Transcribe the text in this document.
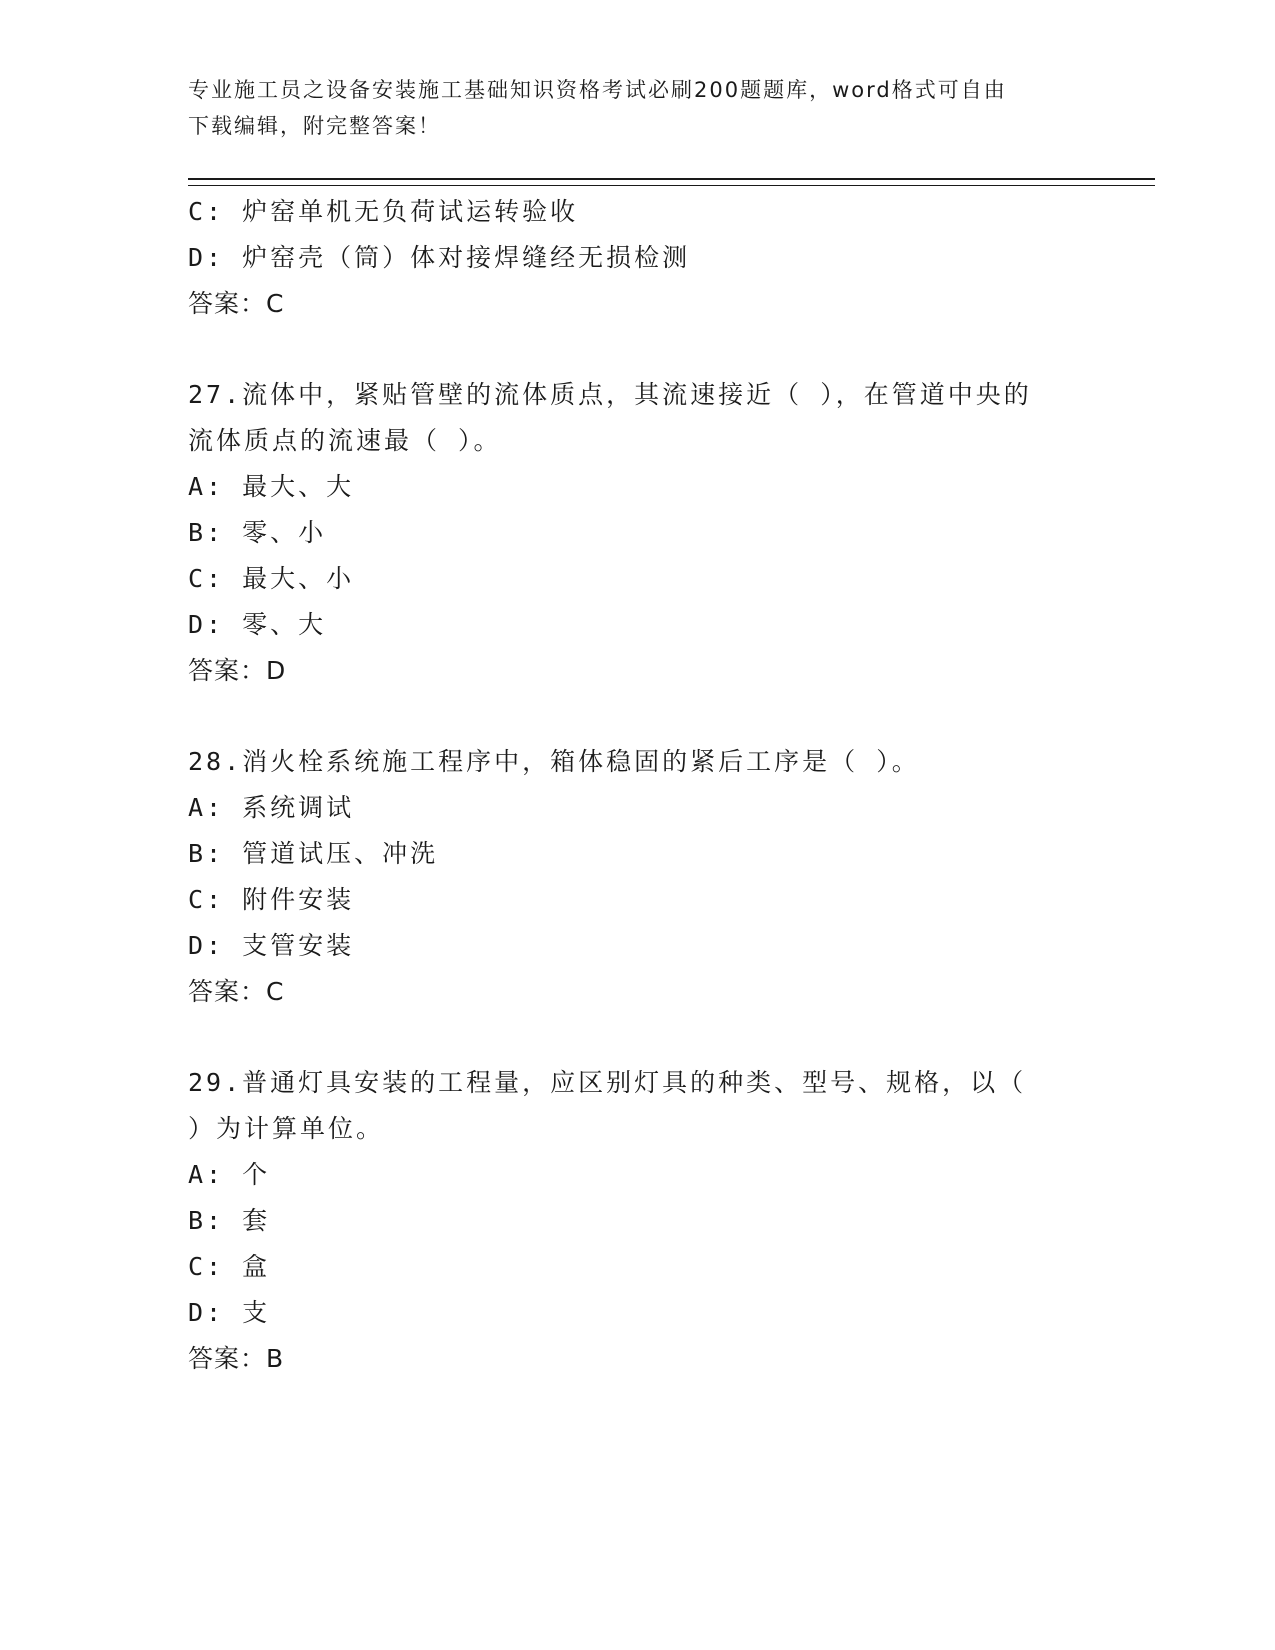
专业施工员之设备安装施工基础知识资格考试必刷200题题库，word格式可自由
下载编辑，附完整答案！
C: 炉窑单机无负荷试运转验收
D: 炉窑壳（筒）体对接焊缝经无损检测
答案：C
27.流体中，紧贴管壁的流体质点，其流速接近（ ），在管道中央的
流体质点的流速最（ ）。
A: 最大、大
B: 零、小
C: 最大、小
D: 零、大
答案：D
28.消火栓系统施工程序中，箱体稳固的紧后工序是（ ）。
A: 系统调试
B: 管道试压、冲洗
C: 附件安装
D: 支管安装
答案：C
29.普通灯具安装的工程量，应区别灯具的种类、型号、规格，以（
）为计算单位。
A: 个
B: 套
C: 盒
D: 支
答案：B
